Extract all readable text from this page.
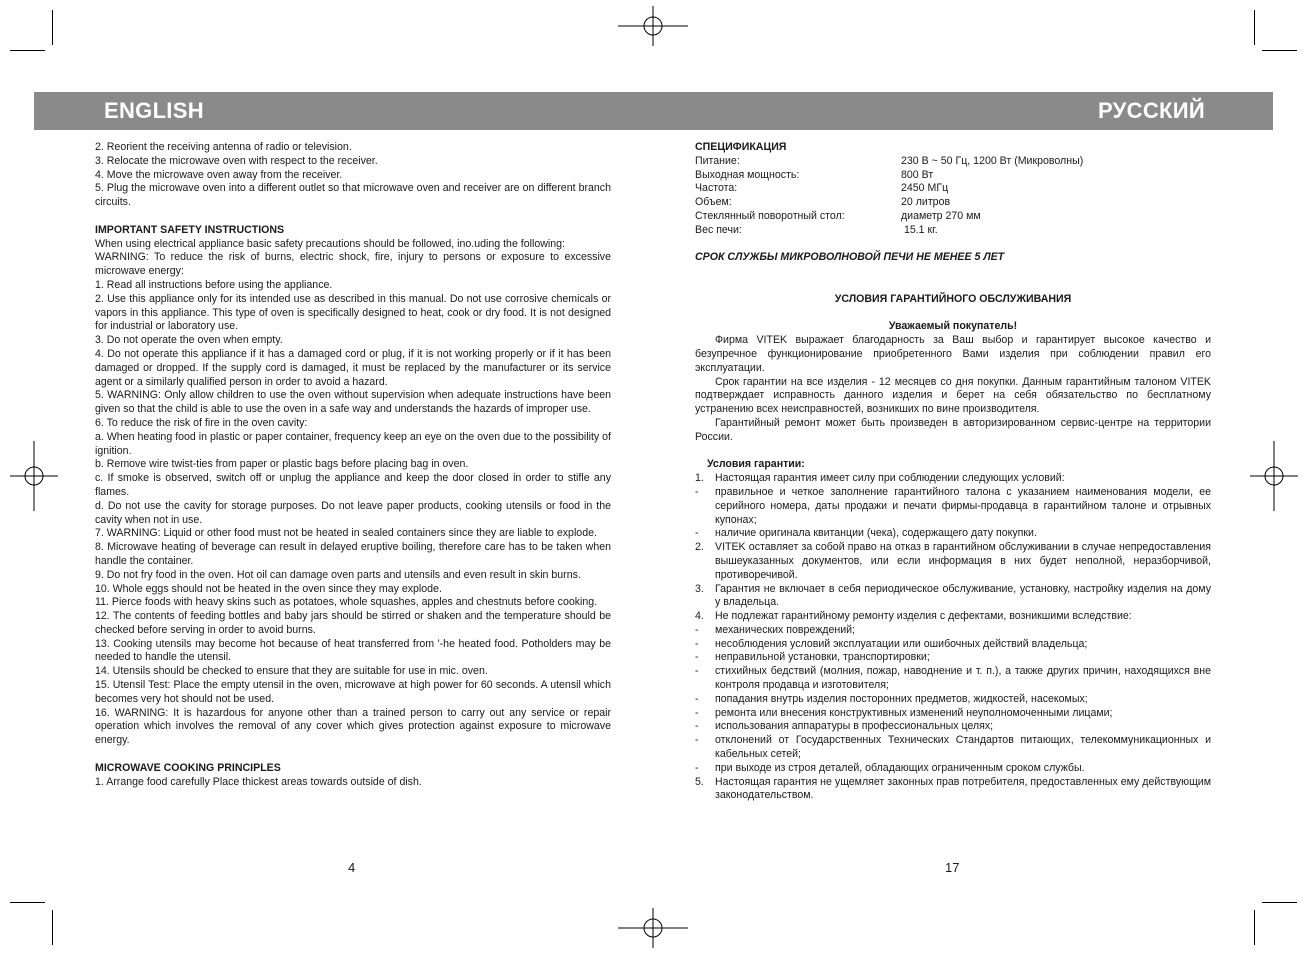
ENGLISH	РУССКИЙ

2. Reorient the receiving antenna of radio or television.

3. Relocate the microwave oven with respect to the receiver.

4. Move the microwave oven away from the receiver.

5. Plug the microwave oven into a different outlet so that microwave oven and receiver are on different branch circuits.

IMPORTANT SAFETY INSTRUCTIONS

When using electrical appliance basic safety precautions should be followed, ino.uding the following:

WARNING: To reduce the risk of burns, electric shock, fire, injury to persons or exposure to excessive microwave energy:

1. Read all instructions before using the appliance.

2. Use this appliance only for its intended use as described in this manual. Do not use corrosive chemicals or vapors in this appliance. This type of oven is specifically designed to heat, cook or dry food. It is not designed for industrial or laboratory use.

3. Do not operate the oven when empty.

4. Do not operate this appliance if it has a damaged cord or plug, if it is not working properly or if it has been damaged or dropped. If the supply cord is damaged, it must be replaced by the manufacturer or its service agent or a similarly qualified person in order to avoid a hazard.

5. WARNING: Only allow children to use the oven without supervision when adequate instructions have been given so that the child is able to use the oven in a safe way and understands the hazards of improper use.

6. To reduce the risk of fire in the oven cavity:

a. When heating food in plastic or paper container, frequency keep an eye on the oven due to the possibility of ignition.

b. Remove wire twist-ties from paper or plastic bags before placing bag in oven.

c. If smoke is observed, switch off or unplug the appliance and keep the door closed in order to stifle any flames.

d. Do not use the cavity for storage purposes. Do not leave paper products, cooking utensils or food in the cavity when not in use.

7. WARNING: Liquid or other food must not be heated in sealed containers since they are liable to explode.

8. Microwave heating of beverage can result in delayed eruptive boiling, therefore care has to be taken when handle the container.

9. Do not fry food in the oven. Hot oil can damage oven parts and utensils and even result in skin burns.

10. Whole eggs should not be heated in the oven since they may explode.

11. Pierce foods with heavy skins such as potatoes, whole squashes, apples and chestnuts before cooking.

12. The contents of feeding bottles and baby jars should be stirred or shaken and the temperature should be checked before serving in order to avoid burns.

13. Cooking utensils may become hot because of heat transferred from '-he heated food. Potholders may be needed to handle the utensil.

14. Utensils should be checked to ensure that they are suitable for use in mic. oven.

15. Utensil Test: Place the empty utensil in the oven, microwave at high power for 60 seconds. A utensil which becomes very hot should not be used.

16. WARNING: It is hazardous for anyone other than a trained person to carry out any service or repair operation which involves the removal of any cover which gives protection against exposure to microwave energy.

MICROWAVE COOKING PRINCIPLES

1. Arrange food carefully Place thickest areas towards outside of dish.

4

СПЕЦИФИКАЦИЯ

Питание:	230 В ~ 50 Гц, 1200 Вт (Микроволны)
Выходная мощность:	800 Вт
Частота:	2450 МГц
Объем:	20 литров
Стеклянный поворотный стол:	диаметр 270 мм
Вес печи:	15.1 кг.

СРОК СЛУЖБЫ МИКРОВОЛНОВОЙ ПЕЧИ НЕ МЕНЕЕ 5 ЛЕТ

УСЛОВИЯ ГАРАНТИЙНОГО ОБСЛУЖИВАНИЯ

Уважаемый покупатель!

Фирма VITEK выражает благодарность за Ваш выбор и гарантирует высокое качество и безупречное функционирование приобретенного Вами изделия при соблюдении правил его эксплуатации.

Срок гарантии на все изделия - 12 месяцев со дня покупки. Данным гарантийным талоном VITEK подтверждает исправность данного изделия и берет на себя обязательство по бесплатному устранению всех неисправностей, возникших по вине производителя.

Гарантийный ремонт может быть произведен в авторизированном сервис-центре на территории России.

Условия гарантии:

1.	Настоящая гарантия имеет силу при соблюдении следующих условий:
-	правильное и четкое заполнение гарантийного талона с указанием наименования модели, ее серийного номера, даты продажи и печати фирмы-продавца в гарантийном талоне и отрывных купонах;
-	наличие оригинала квитанции (чека), содержащего дату покупки.
2.	VITEK оставляет за собой право на отказ в гарантийном обслуживании в случае непредоставления вышеуказанных документов, или если информация в них будет неполной, неразборчивой, противоречивой.
3.	Гарантия не включает в себя периодическое обслуживание, установку, настройку изделия на дому у владельца.
4.	Не подлежат гарантийному ремонту изделия с дефектами, возникшими вследствие:
-	механических повреждений;
-	несоблюдения условий эксплуатации или ошибочных действий владельца;
-	неправильной установки, транспортировки;
-	стихийных бедствий (молния, пожар, наводнение и т. п.), а также других причин, находящихся вне контроля продавца и изготовителя;
-	попадания внутрь изделия посторонних предметов, жидкостей, насекомых;
-	ремонта или внесения конструктивных изменений неуполномоченными лицами;
-	использования аппаратуры в профессиональных целях;
-	отклонений от Государственных Технических Стандартов питающих, телекоммуникационных и кабельных сетей;
-	при выходе из строя деталей, обладающих ограниченным сроком службы.
5.	Настоящая гарантия не ущемляет законных прав потребителя, предоставленных ему действующим законодательством.
17
